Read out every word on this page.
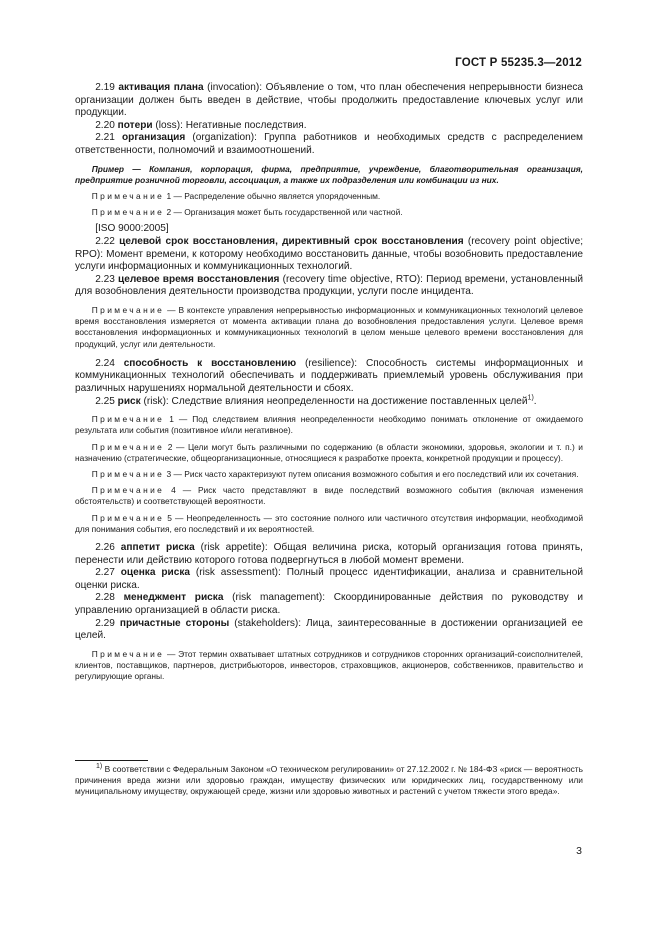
ГОСТ Р 55235.3—2012

   2.19 активация плана (invocation): Объявление о том, что план обеспечения непрерывности бизнеса организации должен быть введен в действие, чтобы продолжить предоставление ключевых услуг или продукции.

   2.20 потери (loss): Негативные последствия.

   2.21 организация (organization): Группа работников и необходимых средств с распределением ответственности, полномочий и взаимоотношений.

   Пример — Компания, корпорация, фирма, предприятие, учреждение, благотворительная организация, предприятие розничной торговли, ассоциация, а также их подразделения или комбинации из них.

   Примечание 1 — Распределение обычно является упорядоченным.

   Примечание 2 — Организация может быть государственной или частной.

   [ISO 9000:2005]

   2.22 целевой срок восстановления, директивный срок восстановления (recovery point objective; RPO): Момент времени, к которому необходимо восстановить данные, чтобы возобновить предоставление услуги информационных и коммуникационных технологий.

   2.23 целевое время восстановления (recovery time objective, RTO): Период времени, установленный для возобновления деятельности производства продукции, услуги после инцидента.

   Примечание — В контексте управления непрерывностью информационных и коммуникационных технологий целевое время восстановления измеряется от момента активации плана до возобновления предоставления услуги. Целевое время восстановления информационных и коммуникационных технологий в целом меньше целевого времени восстановления для продукций, услуг или деятельности.

   2.24 способность к восстановлению (resilience): Способность системы информационных и коммуникационных технологий обеспечивать и поддерживать приемлемый уровень обслуживания при различных нарушениях нормальной деятельности и сбоях.

   2.25 риск (risk): Следствие влияния неопределенности на достижение поставленных целей$^{1)}$.

   Примечание 1 — Под следствием влияния неопределенности необходимо понимать отклонение от ожидаемого результата или события (позитивное и/или негативное).

   Примечание 2 — Цели могут быть различными по содержанию (в области экономики, здоровья, экологии и т. п.) и назначению (стратегические, общеорганизационные, относящиеся к разработке проекта, конкретной продукции и процессу).

   Примечание 3 — Риск часто характеризуют путем описания возможного события и его последствий или их сочетания.

   Примечание 4 — Риск часто представляют в виде последствий возможного события (включая изменения обстоятельств) и соответствующей вероятности.

   Примечание 5 — Неопределенность — это состояние полного или частичного отсутствия информации, необходимой для понимания события, его последствий и их вероятностей.

   2.26 аппетит риска (risk appetite): Общая величина риска, который организация готова принять, перенести или действию которого готова подвергнуться в любой момент времени.

   2.27 оценка риска (risk assessment): Полный процесс идентификации, анализа и сравнительной оценки риска.

   2.28 менеджмент риска (risk management): Скоординированные действия по руководству и управлению организацией в области риска.

   2.29 причастные стороны (stakeholders): Лица, заинтересованные в достижении организацией ее целей.

   Примечание — Этот термин охватывает штатных сотрудников и сотрудников сторонних организаций-соисполнителей, клиентов, поставщиков, партнеров, дистрибьюторов, инвесторов, страховщиков, акционеров, собственников, правительство и регулирующие органы.

$^{1)}$ В соответствии с Федеральным Законом «О техническом регулировании» от 27.12.2002 г. № 184-ФЗ «риск — вероятность причинения вреда жизни или здоровью граждан, имуществу физических или юридических лиц, государственному или муниципальному имуществу, окружающей среде, жизни или здоровью животных и растений с учетом тяжести этого вреда».
3
